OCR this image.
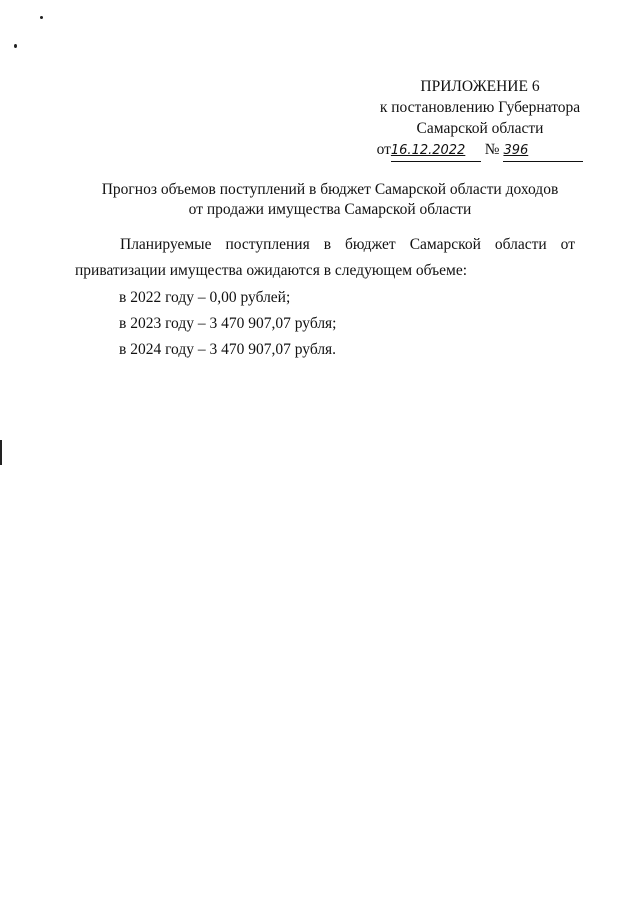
ПРИЛОЖЕНИЕ 6
к постановлению Губернатора
Самарской области
от16.12.2022 № 396
Прогноз объемов поступлений в бюджет Самарской области доходов
от продажи имущества Самарской области
Планируемые поступления в бюджет Самарской области от приватизации имущества ожидаются в следующем объеме:
в 2022 году – 0,00 рублей;
в 2023 году – 3 470 907,07 рубля;
в 2024 году – 3 470 907,07 рубля.
